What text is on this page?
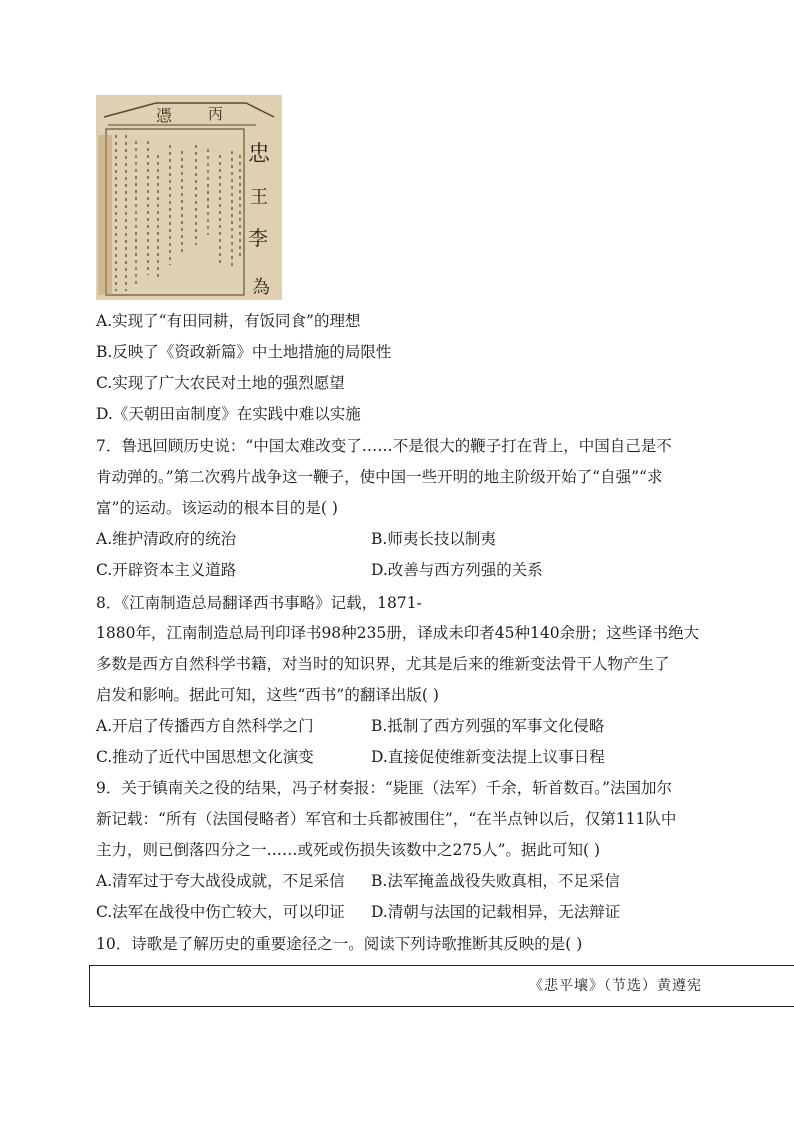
憑 丙
忠
王
李
為
A.实现了“有田同耕，有饭同食”的理想
B.反映了《资政新篇》中土地措施的局限性
C.实现了广大农民对土地的强烈愿望
D.《天朝田亩制度》在实践中难以实施
7．鲁迅回顾历史说：“中国太难改变了……不是很大的鞭子打在背上，中国自己是不
肯动弹的。”第二次鸦片战争这一鞭子，使中国一些开明的地主阶级开始了“自强”“求
富”的运动。该运动的根本目的是( )
A.维护清政府的统治	B.师夷长技以制夷
C.开辟资本主义道路	D.改善与西方列强的关系
8．《江南制造总局翻译西书事略》记载，1871-
1880年，江南制造总局刊印译书98种235册，译成未印者45种140余册；这些译书绝大
多数是西方自然科学书籍，对当时的知识界，尤其是后来的维新变法骨干人物产生了
启发和影响。据此可知，这些“西书”的翻译出版( )
A.开启了传播西方自然科学之门	B.抵制了西方列强的军事文化侵略
C.推动了近代中国思想文化演变	D.直接促使维新变法提上议事日程
9．关于镇南关之役的结果，冯子材奏报：“毙匪（法军）千余，斩首数百。”法国加尔
新记载：“所有（法国侵略者）军官和士兵都被围住”，“在半点钟以后，仅第111队中
主力，则已倒落四分之一……或死或伤损失该数中之275人”。据此可知( )
A.清军过于夸大战役成就，不足采信 B.法军掩盖战役失败真相，不足采信
C.法军在战役中伤亡较大，可以印证 D.清朝与法国的记载相异，无法辩证
10．诗歌是了解历史的重要途径之一。阅读下列诗歌推断其反映的是( )
《悲平壤》（节选）黄遵宪
